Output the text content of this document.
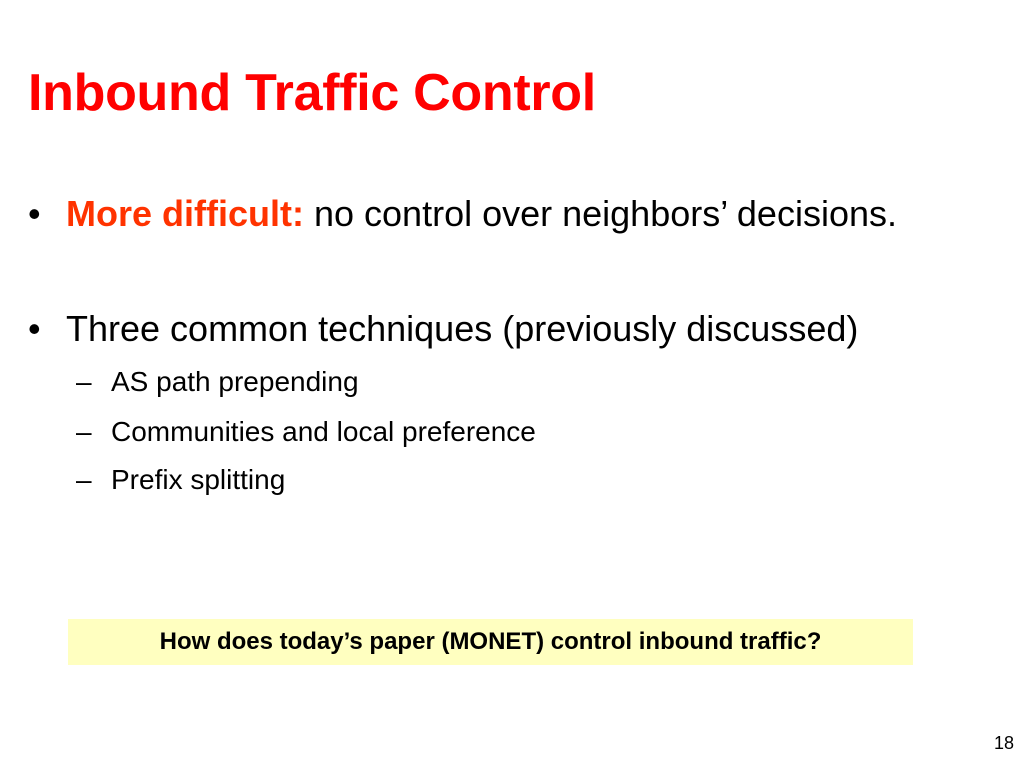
Inbound Traffic Control
• More difficult: no control over neighbors’ decisions.
• Three common techniques (previously discussed)
– AS path prepending
– Communities and local preference
– Prefix splitting
How does today’s paper (MONET) control inbound traffic?
18
